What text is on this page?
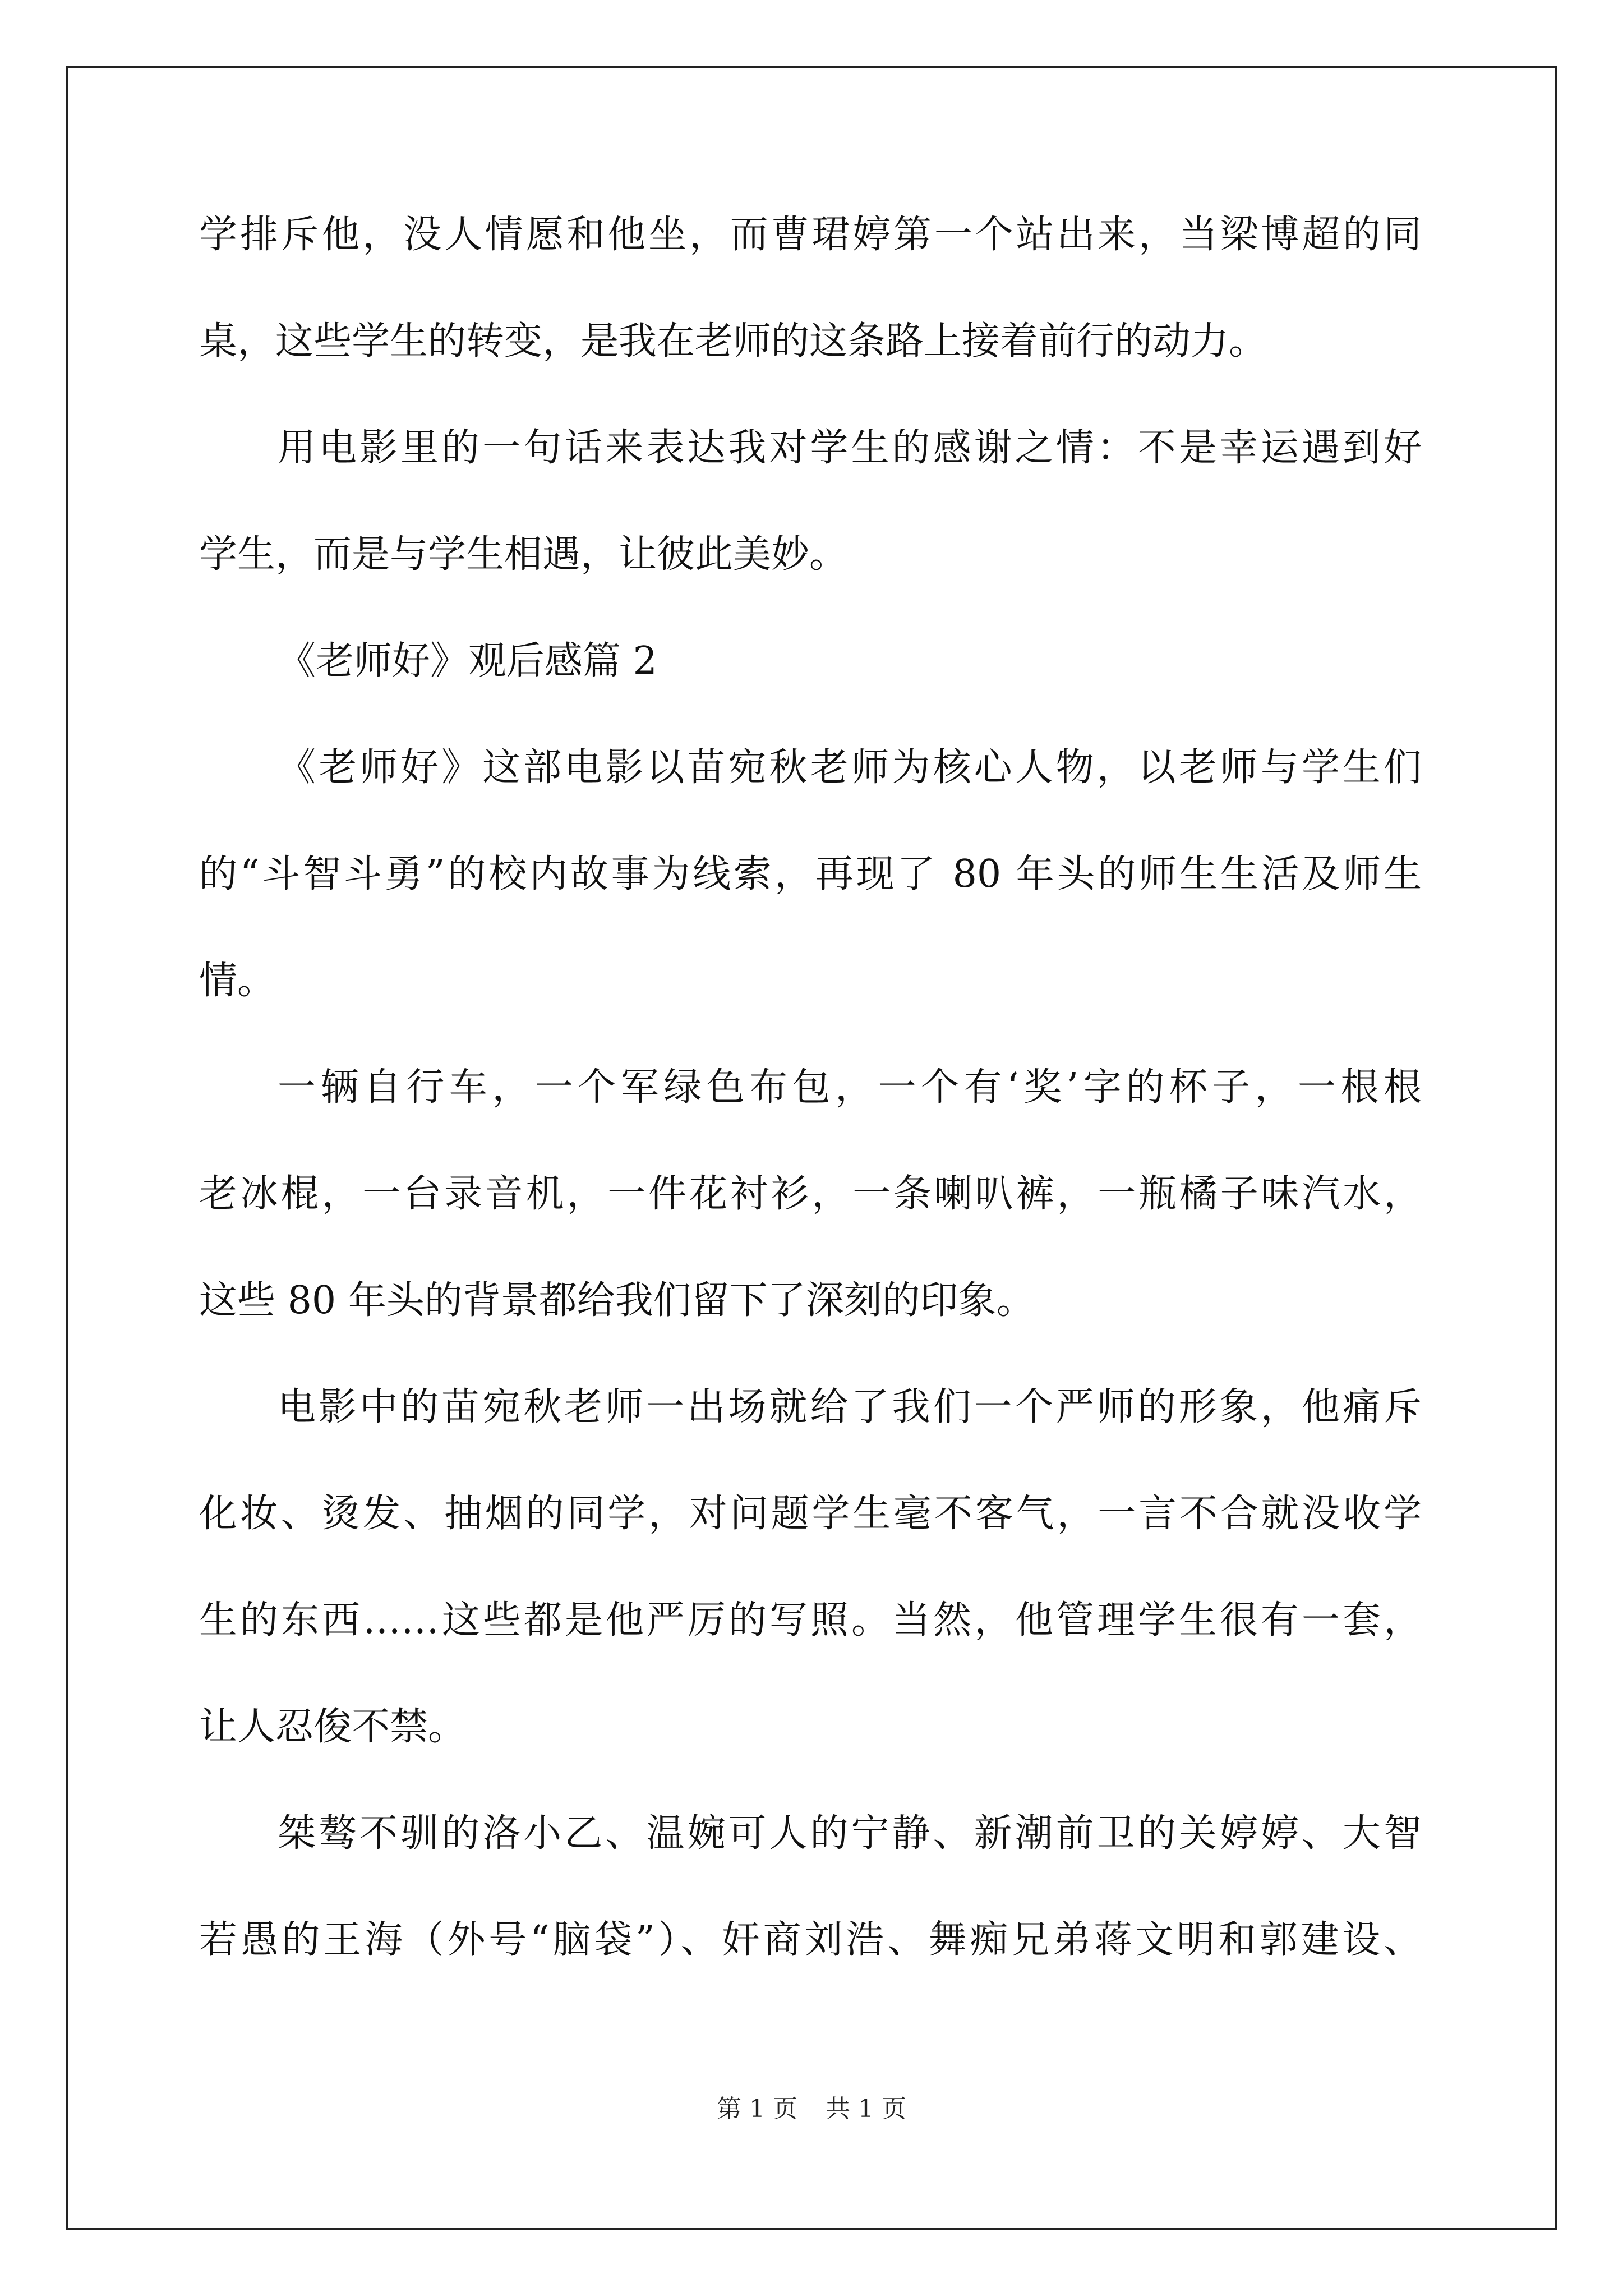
学排斥他，没人情愿和他坐，而曹珺婷第一个站出来，当梁博超的同
桌，这些学生的转变，是我在老师的这条路上接着前行的动力。
用电影里的一句话来表达我对学生的感谢之情：不是幸运遇到好
学生，而是与学生相遇，让彼此美妙。
《老师好》观后感篇 2
《老师好》这部电影以苗宛秋老师为核心人物，以老师与学生们
的“斗智斗勇”的校内故事为线索，再现了 80 年头的师生生活及师生
情。
一辆自行车，一个军绿色布包，一个有‘奖’字的杯子，一根根
老冰棍，一台录音机，一件花衬衫，一条喇叭裤，一瓶橘子味汽水，
这些 80 年头的背景都给我们留下了深刻的印象。
电影中的苗宛秋老师一出场就给了我们一个严师的形象，他痛斥
化妆、烫发、抽烟的同学，对问题学生毫不客气，一言不合就没收学
生的东西……这些都是他严厉的写照。当然，他管理学生很有一套，
让人忍俊不禁。
桀骜不驯的洛小乙、温婉可人的宁静、新潮前卫的关婷婷、大智
若愚的王海（外号“脑袋”）、奸商刘浩、舞痴兄弟蒋文明和郭建设、
第 1 页 共 1 页
